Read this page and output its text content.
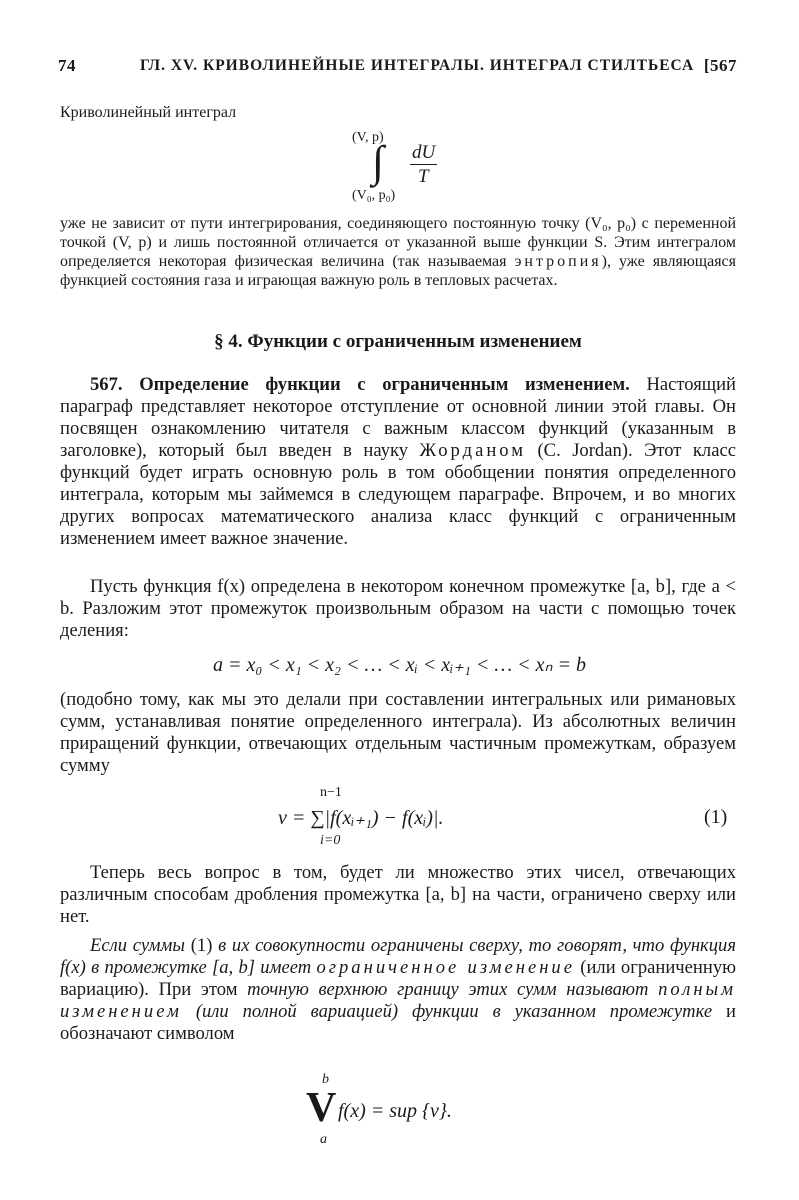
74	ГЛ. XV. КРИВОЛИНЕЙНЫЕ ИНТЕГРАЛЫ. ИНТЕГРАЛ СТИЛТЬЕСА [567
Криволинейный интеграл
(V, p)
∫
(V₀, p₀)
dU
T
уже не зависит от пути интегрирования, соединяющего постоянную точку (V₀, p₀) с переменной точкой (V, p) и лишь постоянной отличается от указанной выше функции S. Этим интегралом определяется некоторая физическая величина (так называемая энтропия), уже являющаяся функцией состояния газа и играющая важную роль в тепловых расчетах.
§ 4. Функции с ограниченным изменением
567. Определение функции с ограниченным изменением. Настоящий параграф представляет некоторое отступление от основной линии этой главы. Он посвящен ознакомлению читателя с важным классом функций (указанным в заголовке), который был введен в науку Жорданом (C. Jordan). Этот класс функций будет играть основную роль в том обобщении понятия определенного интеграла, которым мы займемся в следующем параграфе. Впрочем, и во многих других вопросах математического анализа класс функций с ограниченным изменением имеет важное значение.
Пусть функция f(x) определена в некотором конечном промежутке [a, b], где a < b. Разложим этот промежуток произвольным образом на части с помощью точек деления:
a = x₀ < x₁ < x₂ < … < xᵢ < xᵢ₊₁ < … < xₙ = b
(подобно тому, как мы это делали при составлении интегральных или римановых сумм, устанавливая понятие определенного интеграла). Из абсолютных величин приращений функции, отвечающих отдельным частичным промежуткам, образуем сумму
n−1
v = ∑|f(xᵢ₊₁) − f(xᵢ)|.
i=0
(1)
Теперь весь вопрос в том, будет ли множество этих чисел, отвечающих различным способам дробления промежутка [a, b] на части, ограничено сверху или нет.
Если суммы (1) в их совокупности ограничены сверху, то говорят, что функция f(x) в промежутке [a, b] имеет ограниченное изменение (или ограниченную вариацию). При этом точную верхнюю границу этих сумм называют полным изменением (или полной вариацией) функции в указанном промежутке и обозначают символом
b
V f(x) = sup {v}.
a
